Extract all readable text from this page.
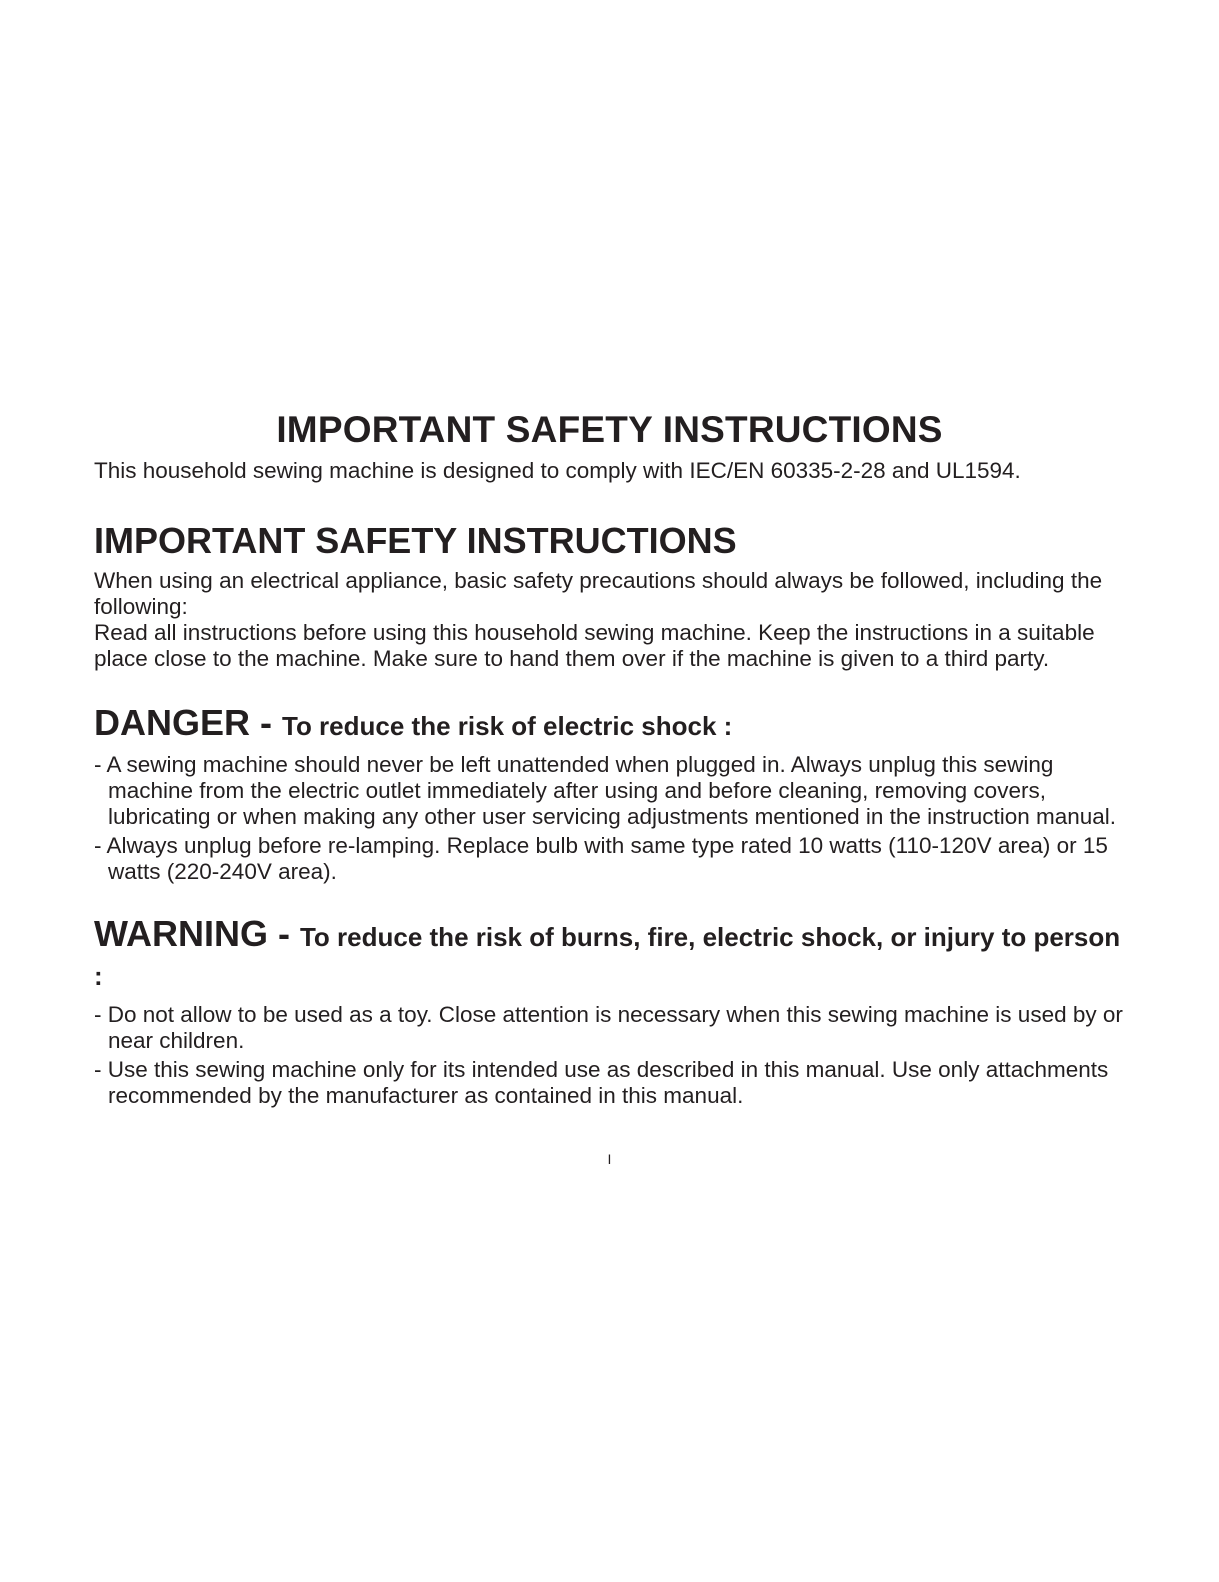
IMPORTANT SAFETY INSTRUCTIONS

This household sewing machine is designed to comply with IEC/EN 60335-2-28 and UL1594.

IMPORTANT SAFETY INSTRUCTIONS

When using an electrical appliance, basic safety precautions should always be followed, including the following:

Read all instructions before using this household sewing machine. Keep the instructions in a suitable place close to the machine. Make sure to hand them over if the machine is given to a third party.

DANGER - To reduce the risk of electric shock :
- A sewing machine should never be left unattended when plugged in. Always unplug this sewing machine from the electric outlet immediately after using and before cleaning, removing covers, lubricating or when making any other user servicing adjustments mentioned in the instruction manual.
- Always unplug before re-lamping. Replace bulb with same type rated 10 watts (110-120V area) or 15 watts (220-240V area).
WARNING - To reduce the risk of burns, fire, electric shock, or injury to person :
- Do not allow to be used as a toy. Close attention is necessary when this sewing machine is used by or near children.
- Use this sewing machine only for its intended use as described in this manual. Use only attachments recommended by the manufacturer as contained in this manual.
I
